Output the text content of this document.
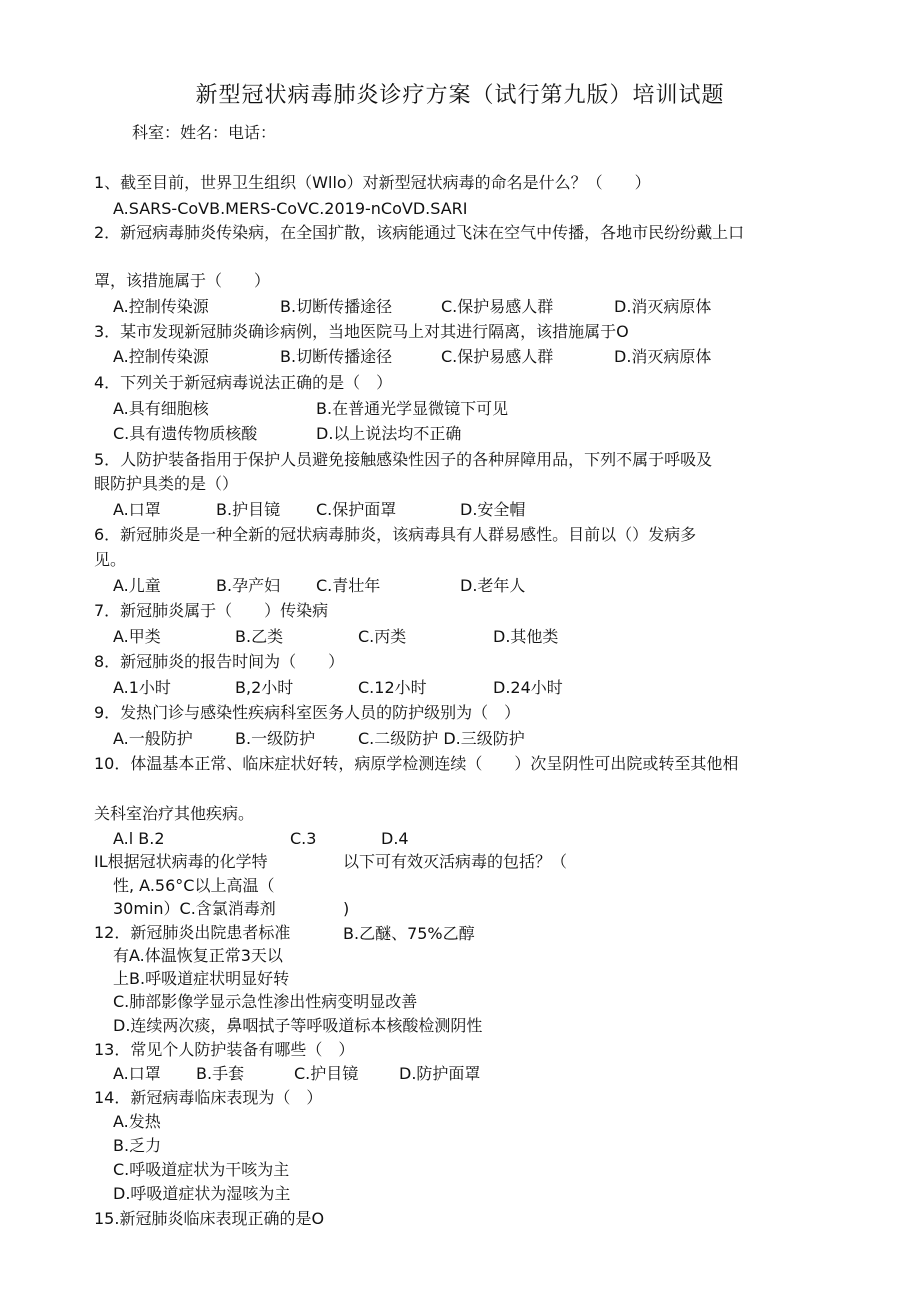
新型冠状病毒肺炎诊疗方案（试行第九版）培训试题
科室：姓名：电话：
1、截至目前，世界卫生组织（Wllo）对新型冠状病毒的命名是什么？（　　）
A.SARS-CoVB.MERS-CoVC.2019-nCoVD.SARI
2．新冠病毒肺炎传染病，在全国扩散，该病能通过飞沫在空气中传播，各地市民纷纷戴上口
罩，该措施属于（　　）
A.控制传染源	B.切断传播途径	C.保护易感人群	D.消灭病原体
3．某市发现新冠肺炎确诊病例，当地医院马上对其进行隔离，该措施属于O
A.控制传染源	B.切断传播途径	C.保护易感人群	D.消灭病原体
4．下列关于新冠病毒说法正确的是（　）
A.具有细胞核	B.在普通光学显微镜下可见
C.具有遗传物质核酸	D.以上说法均不正确
5．人防护装备指用于保护人员避免接触感染性因子的各种屏障用品，下列不属于呼吸及
眼防护具类的是（）
A.口罩	B.护目镜 C.保护面罩	D.安全帽
6．新冠肺炎是一种全新的冠状病毒肺炎，该病毒具有人群易感性。目前以（）发病多
见。
A.儿童	B.孕产妇 C.青壮年	D.老年人
7．新冠肺炎属于（　　）传染病
A.甲类	B.乙类	C.丙类	D.其他类
8．新冠肺炎的报告时间为（　　）
A.1小时	B,2小时	C.12小时	D.24小时
9．发热门诊与感染性疾病科室医务人员的防护级别为（　）
A.一般防护	B.一级防护	C.二级防护 D.三级防护
10．体温基本正常、临床症状好转，病原学检测连续（　　）次呈阴性可出院或转至其他相
关科室治疗其他疾病。
A.l B.2	C.3	D.4
IL根据冠状病毒的化学特	以下可有效灭活病毒的包括？（
性, A.56°C以上高温（
30min）C.含氯消毒剂	)
12．新冠肺炎出院患者标准	B.乙醚、75%乙醇
有A.体温恢复正常3天以
上B.呼吸道症状明显好转
C.肺部影像学显示急性渗出性病变明显改善
D.连续两次痰，鼻咽拭子等呼吸道标本核酸检测阴性
13．常见个人防护装备有哪些（　）
A.口罩 B.手套	C.护目镜	D.防护面罩
14．新冠病毒临床表现为（　）
A.发热
B.乏力
C.呼吸道症状为干咳为主
D.呼吸道症状为湿咳为主
15.新冠肺炎临床表现正确的是O
